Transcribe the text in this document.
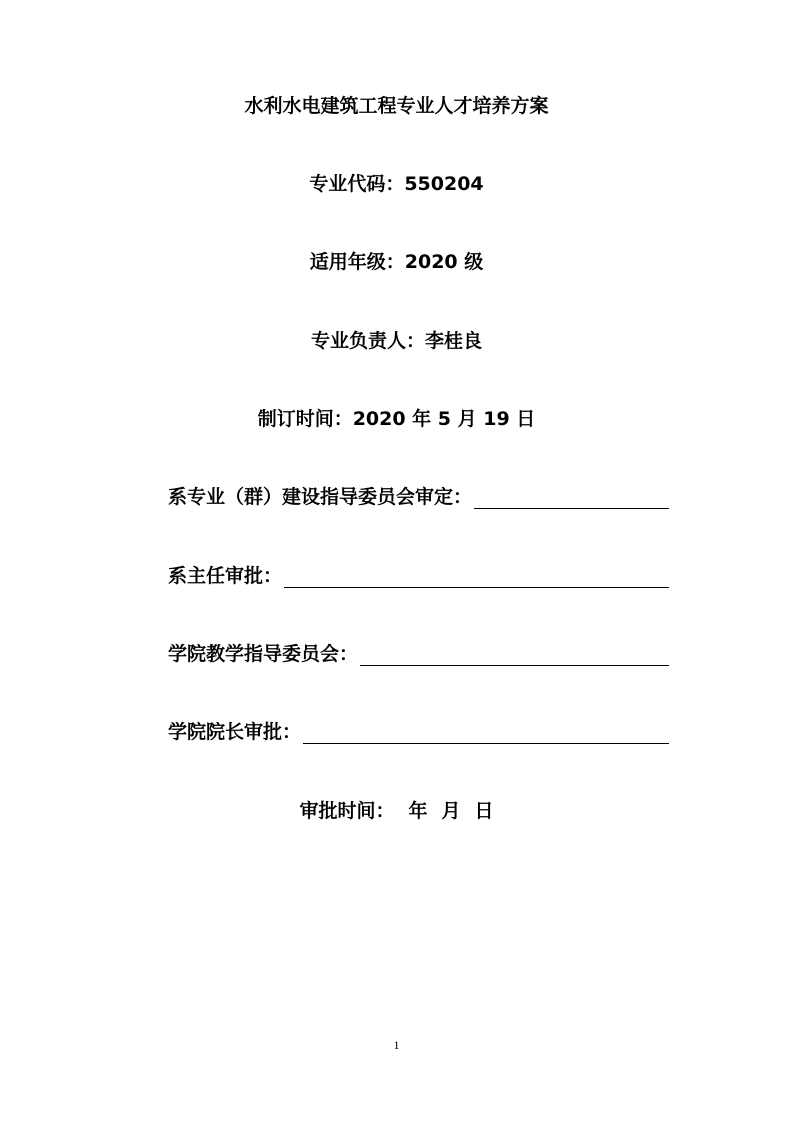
水利水电建筑工程专业人才培养方案
专业代码：550204
适用年级：2020 级
专业负责人：李桂良
制订时间：2020 年 5 月 19 日
系专业（群）建设指导委员会审定：
系主任审批：
学院教学指导委员会：
学院院长审批：
审批时间： 年 月 日
1
